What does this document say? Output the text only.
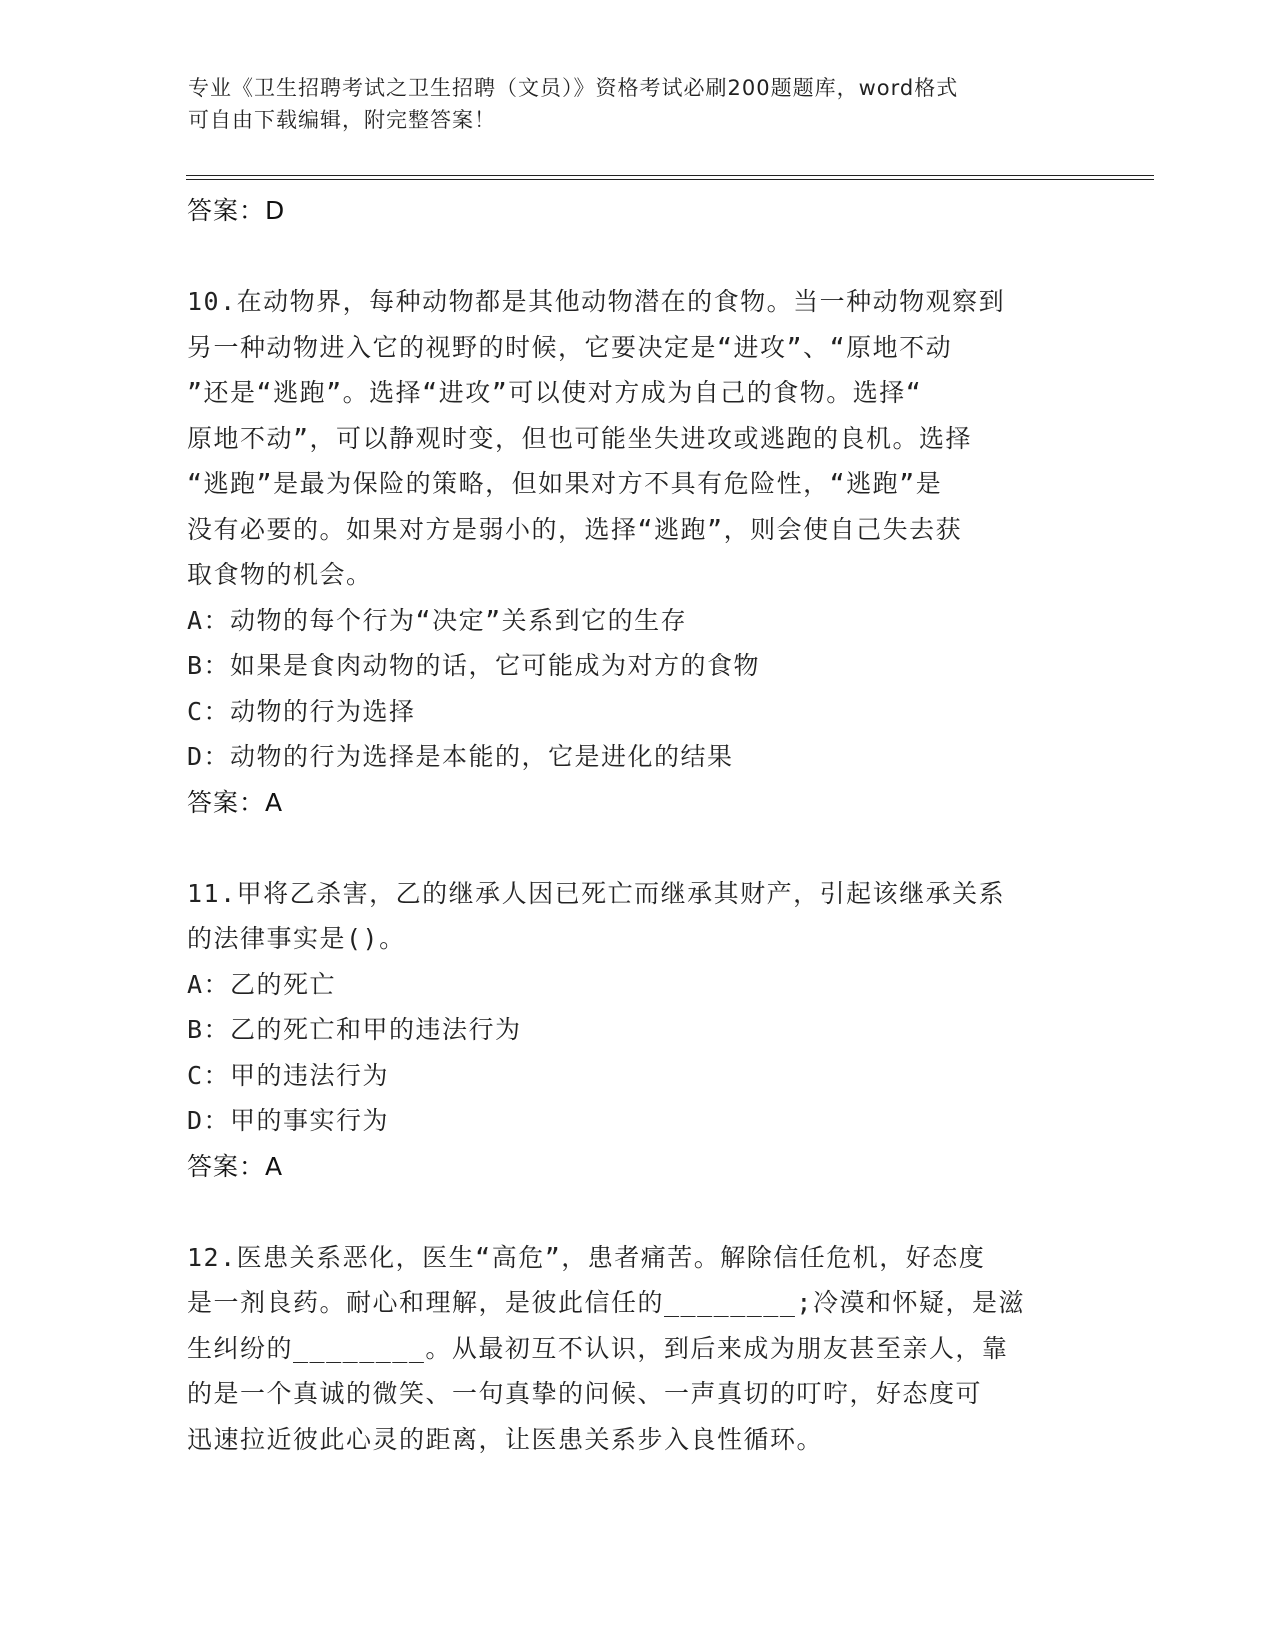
专业《卫生招聘考试之卫生招聘（文员）》资格考试必刷200题题库，word格式
可自由下载编辑，附完整答案！
答案：D
10.在动物界，每种动物都是其他动物潜在的食物。当一种动物观察到
另一种动物进入它的视野的时候，它要决定是“进攻”、“原地不动
”还是“逃跑”。选择“进攻”可以使对方成为自己的食物。选择“
原地不动”，可以静观时变，但也可能坐失进攻或逃跑的良机。选择
“逃跑”是最为保险的策略，但如果对方不具有危险性，“逃跑”是
没有必要的。如果对方是弱小的，选择“逃跑”，则会使自己失去获
取食物的机会。
A：动物的每个行为“决定”关系到它的生存
B：如果是食肉动物的话，它可能成为对方的食物
C：动物的行为选择
D：动物的行为选择是本能的，它是进化的结果
答案：A
11.甲将乙杀害，乙的继承人因已死亡而继承其财产，引起该继承关系
的法律事实是()。
A：乙的死亡
B：乙的死亡和甲的违法行为
C：甲的违法行为
D：甲的事实行为
答案：A
12.医患关系恶化，医生“高危”，患者痛苦。解除信任危机，好态度
是一剂良药。耐心和理解，是彼此信任的________;冷漠和怀疑，是滋
生纠纷的________。从最初互不认识，到后来成为朋友甚至亲人，靠
的是一个真诚的微笑、一句真挚的问候、一声真切的叮咛，好态度可
迅速拉近彼此心灵的距离，让医患关系步入良性循环。
